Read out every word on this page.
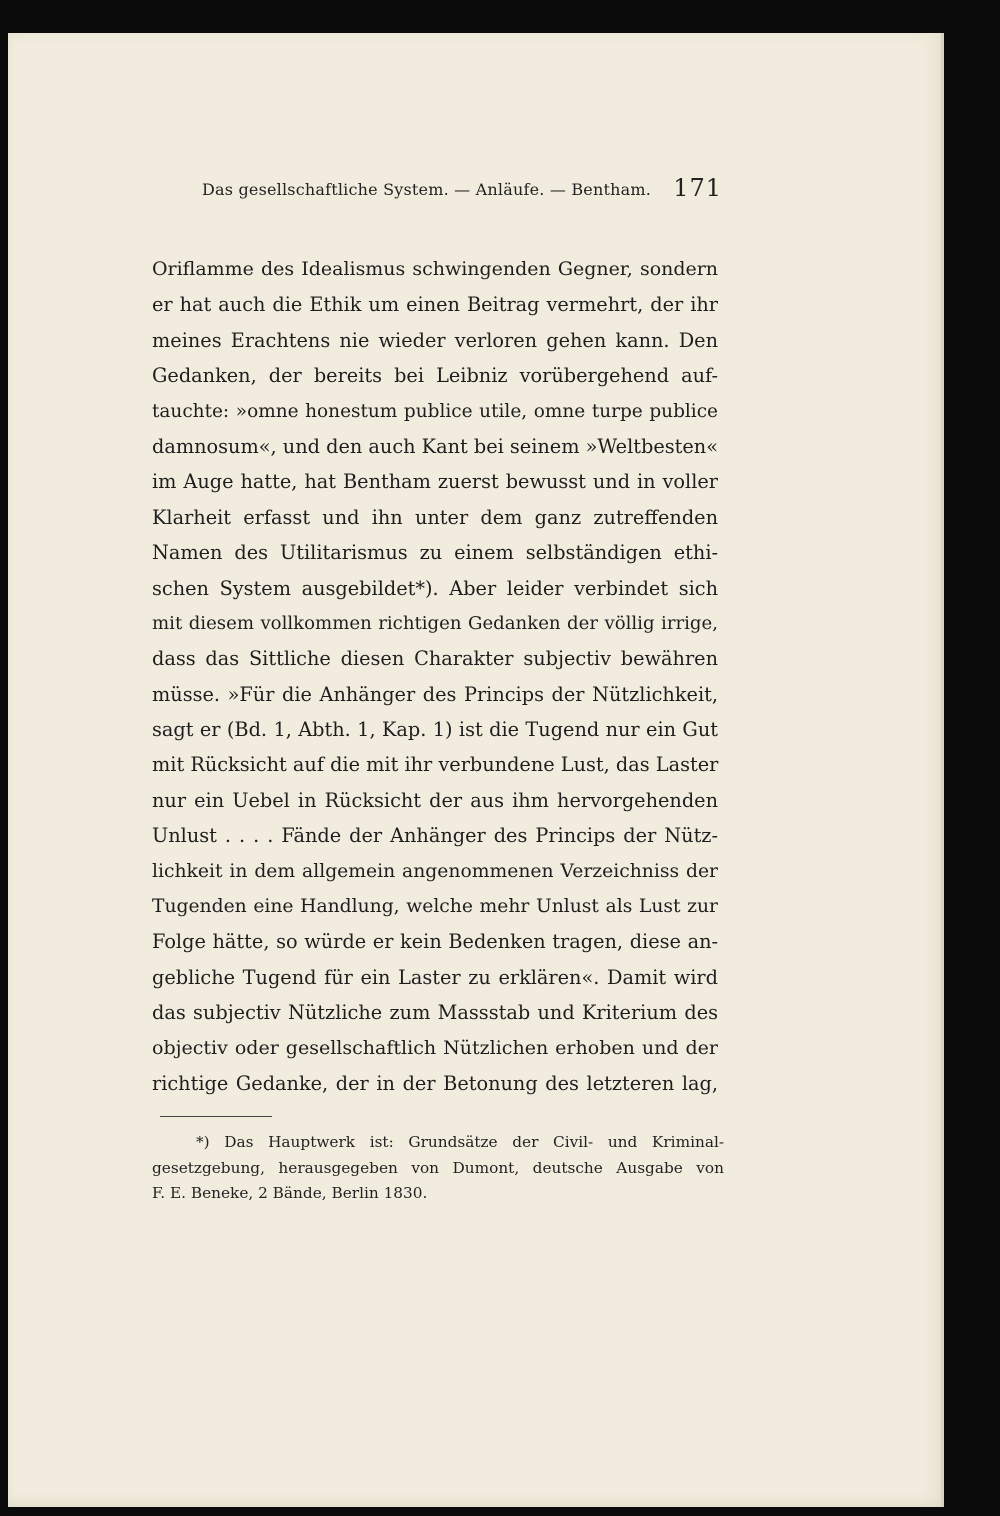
Das gesellschaftliche System. — Anläufe. — Bentham. 171
Oriflamme des Idealismus schwingenden Gegner, sondern
er hat auch die Ethik um einen Beitrag vermehrt, der ihr
meines Erachtens nie wieder verloren gehen kann. Den
Gedanken, der bereits bei Leibniz vorübergehend auf-
tauchte: »omne honestum publice utile, omne turpe publice
damnosum«, und den auch Kant bei seinem »Weltbesten«
im Auge hatte, hat Bentham zuerst bewusst und in voller
Klarheit erfasst und ihn unter dem ganz zutreffenden
Namen des Utilitarismus zu einem selbständigen ethi-
schen System ausgebildet*). Aber leider verbindet sich
mit diesem vollkommen richtigen Gedanken der völlig irrige,
dass das Sittliche diesen Charakter subjectiv bewähren
müsse. »Für die Anhänger des Princips der Nützlichkeit,
sagt er (Bd. 1, Abth. 1, Kap. 1) ist die Tugend nur ein Gut
mit Rücksicht auf die mit ihr verbundene Lust, das Laster
nur ein Uebel in Rücksicht der aus ihm hervorgehenden
Unlust . . . . Fände der Anhänger des Princips der Nütz-
lichkeit in dem allgemein angenommenen Verzeichniss der
Tugenden eine Handlung, welche mehr Unlust als Lust zur
Folge hätte, so würde er kein Bedenken tragen, diese an-
gebliche Tugend für ein Laster zu erklären«. Damit wird
das subjectiv Nützliche zum Massstab und Kriterium des
objectiv oder gesellschaftlich Nützlichen erhoben und der
richtige Gedanke, der in der Betonung des letzteren lag,
*) Das Hauptwerk ist: Grundsätze der Civil- und Kriminal-
gesetzgebung, herausgegeben von Dumont, deutsche Ausgabe von
F. E. Beneke, 2 Bände, Berlin 1830.
